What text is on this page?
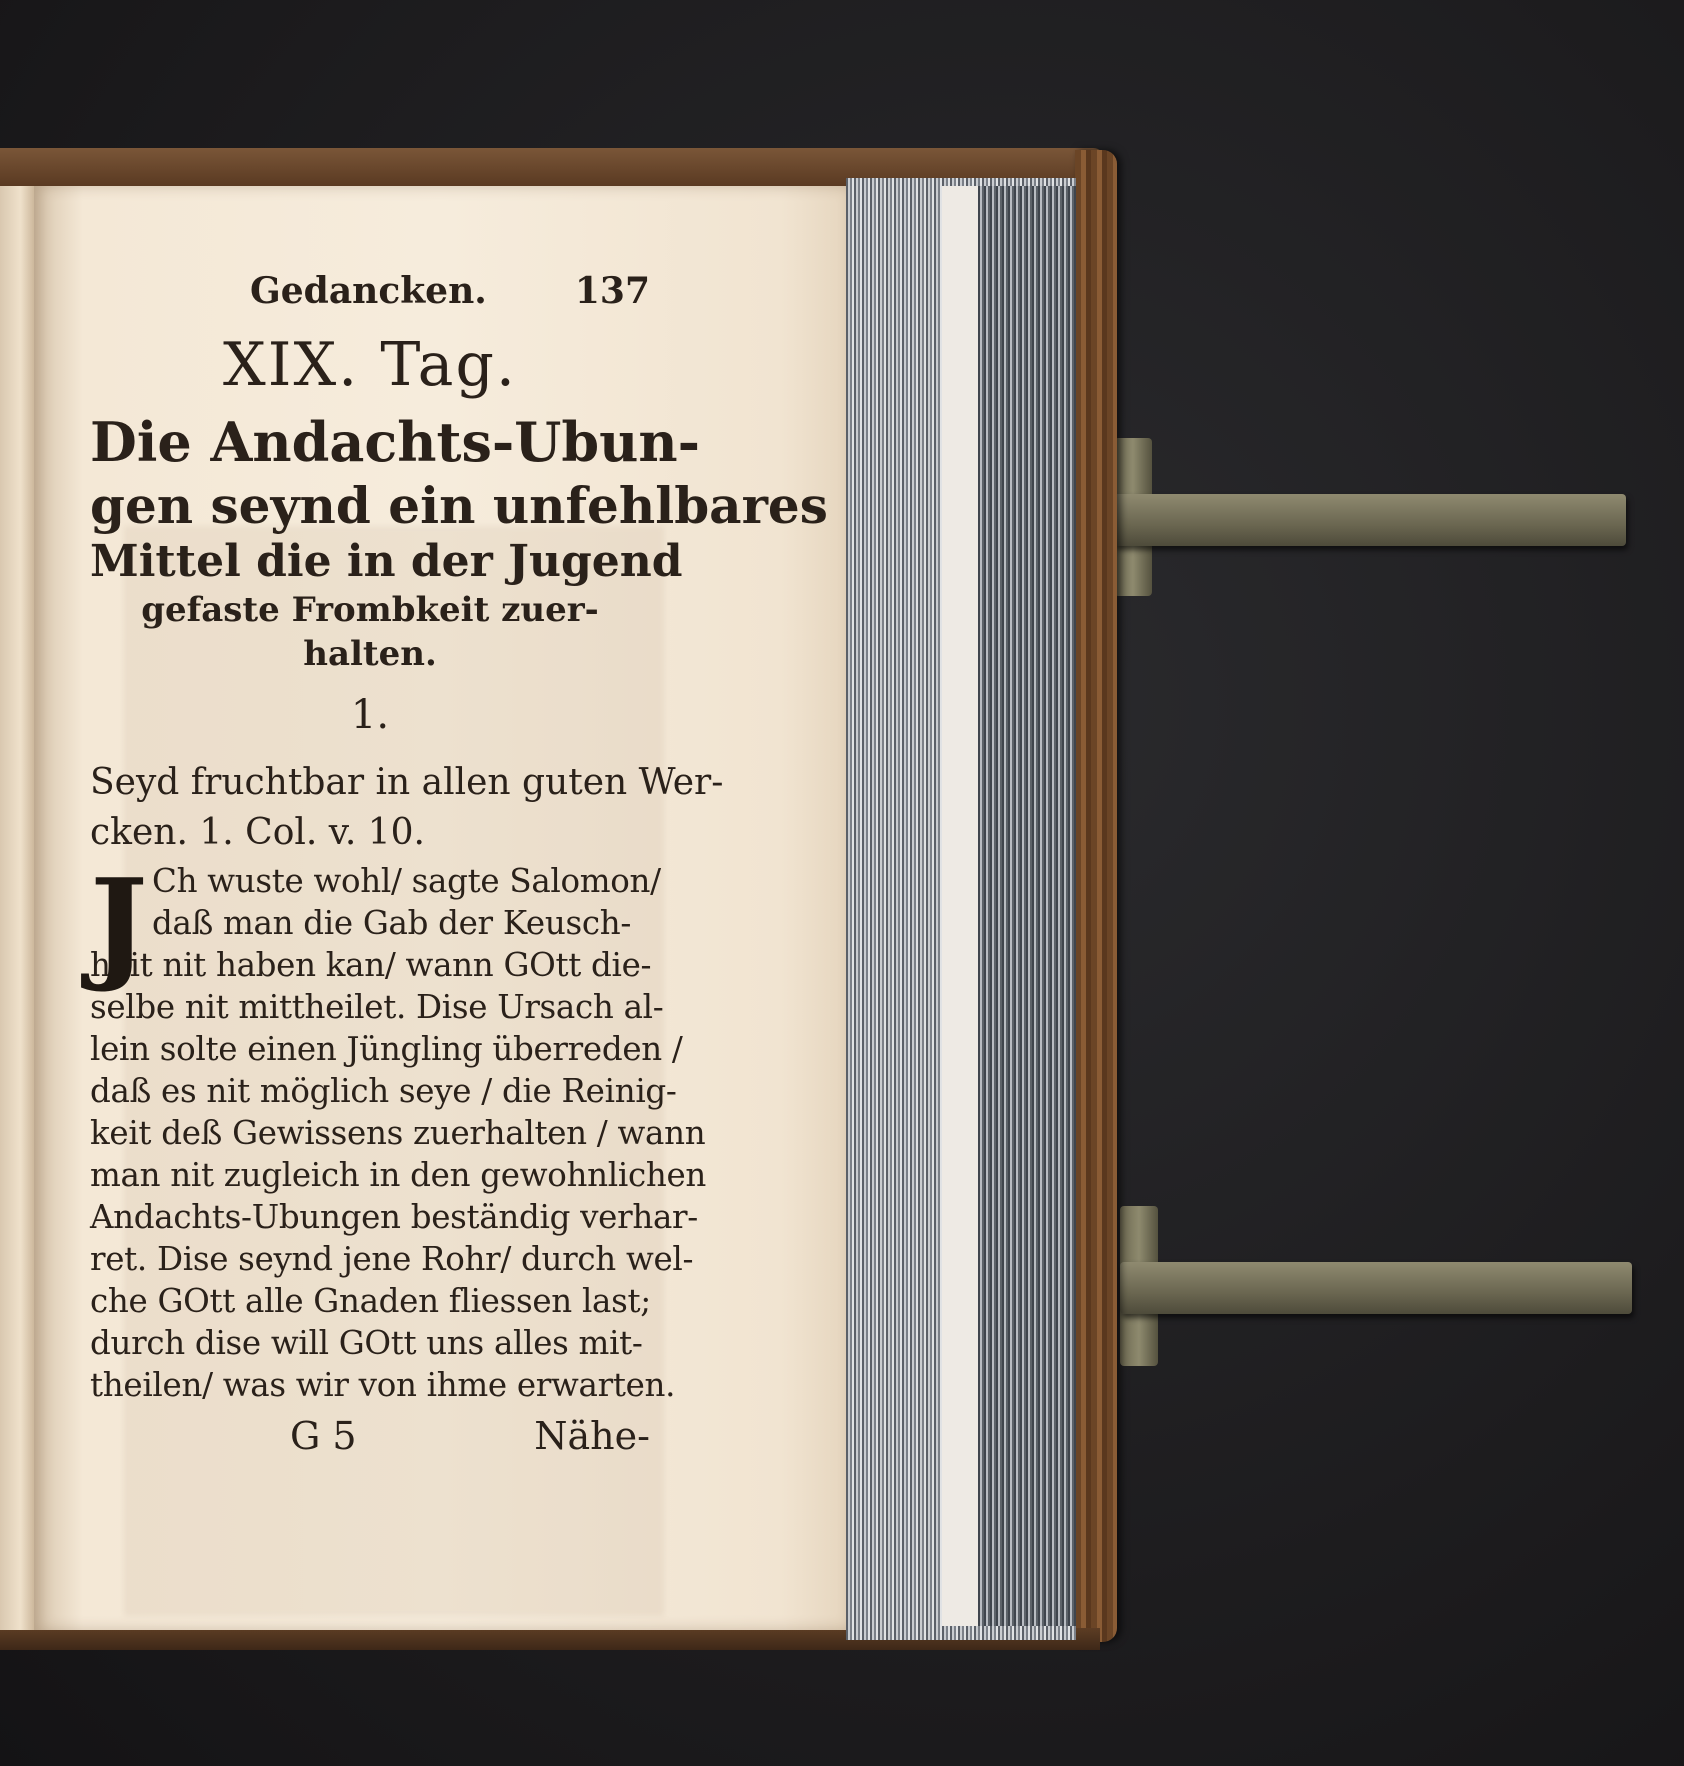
Gedancken. 137
XIX. Tag.
Die Andachts-Ubun-
gen seynd ein unfehlbares
Mittel die in der Jugend
gefaste Frombkeit zuer-
halten.
1.
Seyd fruchtbar in allen guten Wer-
cken. 1. Col. v. 10.
J Ch wuste wohl/ sagte Salomon/
daß man die Gab der Keusch-
heit nit haben kan/ wann GOtt die-
selbe nit mittheilet. Dise Ursach al-
lein solte einen Jüngling überreden /
daß es nit möglich seye / die Reinig-
keit deß Gewissens zuerhalten / wann
man nit zugleich in den gewohnlichen
Andachts-Ubungen beständig verhar-
ret. Dise seynd jene Rohr/ durch wel-
che GOtt alle Gnaden fliessen last;
durch dise will GOtt uns alles mit-
theilen/ was wir von ihme erwarten.
G 5	Nähe-
